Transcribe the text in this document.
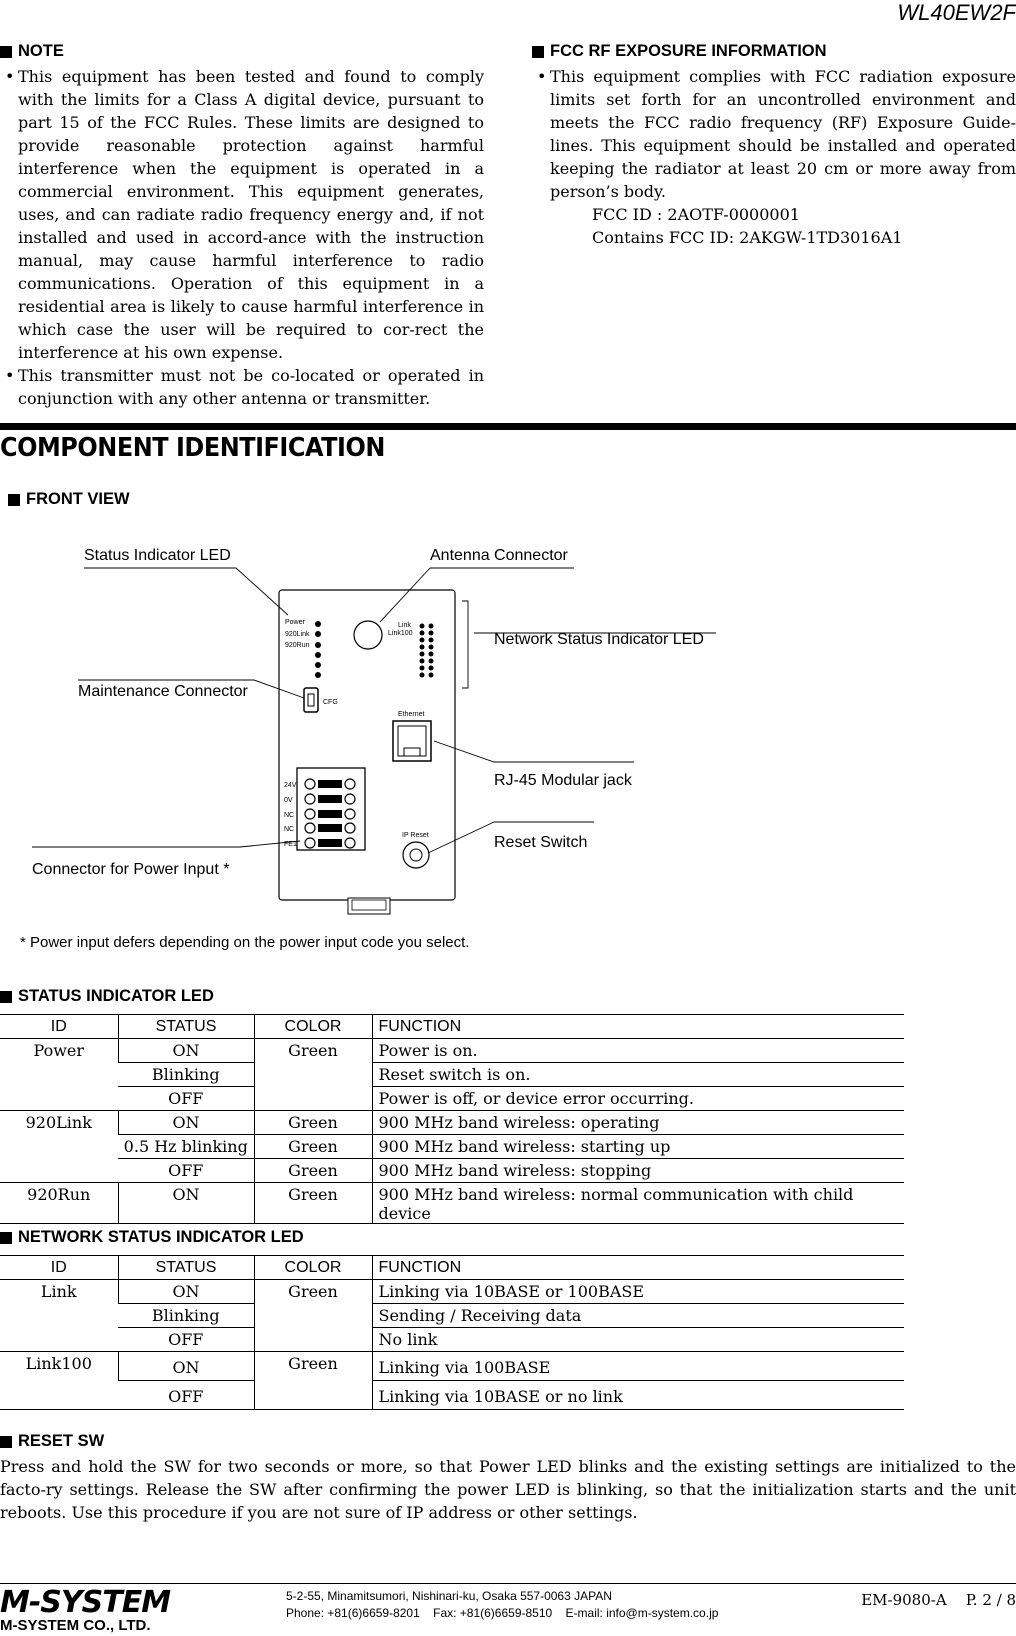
WL40EW2F
NOTE
• This equipment has been tested and found to comply with the limits for a Class A digital device, pursuant to part 15 of the FCC Rules. These limits are designed to provide reasonable protection against harmful interference when the equipment is operated in a commercial environment. This equipment generates, uses, and can radiate radio frequency energy and, if not installed and used in accord-ance with the instruction manual, may cause harmful interference to radio communications. Operation of this equipment in a residential area is likely to cause harmful interference in which case the user will be required to cor-rect the interference at his own expense.
• This transmitter must not be co-located or operated in conjunction with any other antenna or transmitter.
FCC RF EXPOSURE INFORMATION
• This equipment complies with FCC radiation exposure limits set forth for an uncontrolled environment and meets the FCC radio frequency (RF) Exposure Guide-lines. This equipment should be installed and operated keeping the radiator at least 20 cm or more away from person’s body.
FCC ID : 2AOTF-0000001
Contains FCC ID: 2AKGW-1TD3016A1
COMPONENT IDENTIFICATION
FRONT VIEW
Power
920Link
920Run
Link
Link100
CFG
Ethernet
24V
0V
NC
NC
FE1
IP Reset
Status Indicator LED	Antenna Connector
Network Status Indicator LED
Maintenance Connector
RJ-45 Modular jack
Reset Switch
Connector for Power Input *
* Power input defers depending on the power input code you select.
STATUS INDICATOR LED
ID	STATUS	COLOR	FUNCTION
Power	ON	Green	Power is on.
	Blinking		Reset switch is on.
	OFF		Power is off, or device error occurring.
920Link	ON	Green	900 MHz band wireless: operating
	0.5 Hz blinking	Green	900 MHz band wireless: starting up
	OFF	Green	900 MHz band wireless: stopping
920Run	ON	Green	900 MHz band wireless: normal communication with child device
NETWORK STATUS INDICATOR LED
ID	STATUS	COLOR	FUNCTION
Link	ON	Green	Linking via 10BASE or 100BASE
	Blinking		Sending / Receiving data
	OFF		No link
Link100	ON	Green	Linking via 100BASE
	OFF		Linking via 10BASE or no link
RESET SW
Press and hold the SW for two seconds or more, so that Power LED blinks and the existing settings are initialized to the facto-ry settings. Release the SW after confirming the power LED is blinking, so that the initialization starts and the unit reboots. Use this procedure if you are not sure of IP address or other settings.
M-SYSTEM
M-SYSTEM CO., LTD.
5-2-55, Minamitsumori, Nishinari-ku, Osaka 557-0063 JAPAN
Phone: +81(6)6659-8201    Fax: +81(6)6659-8510    E-mail: info@m-system.co.jp
EM-9080-A    P. 2 / 8
